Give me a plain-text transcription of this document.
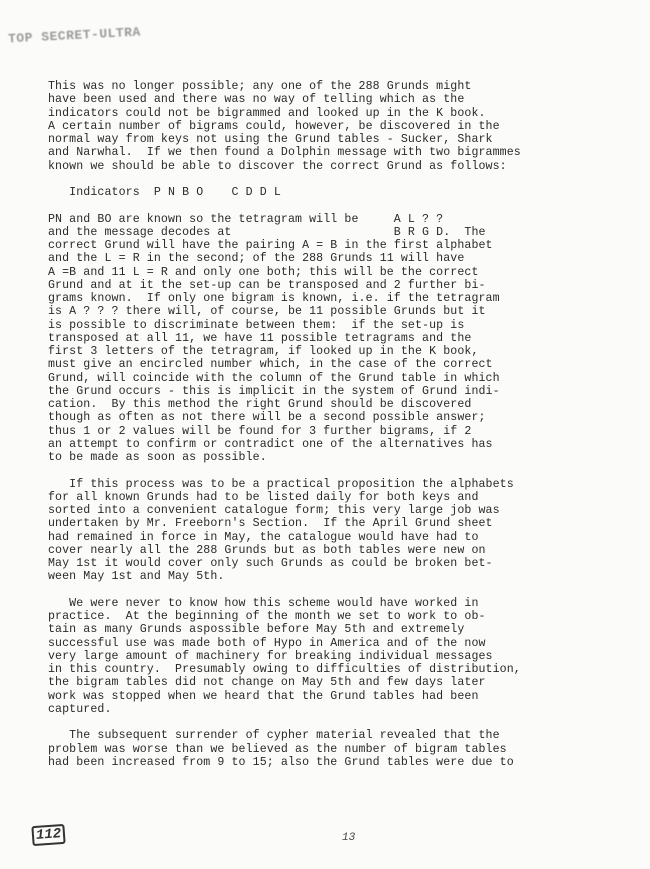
TOP SECRET-ULTRA
This was no longer possible; any one of the 288 Grunds might
have been used and there was no way of telling which as the
indicators could not be bigrammed and looked up in the K book.
A certain number of bigrams could, however, be discovered in the
normal way from keys not using the Grund tables - Sucker, Shark
and Narwhal.  If we then found a Dolphin message with two bigrammes
known we should be able to discover the correct Grund as follows:
Indicators  P N B O    C D D L
PN and BO are known so the tetragram will be     A L ? ?
and the message decodes at                       B R G D.  The
correct Grund will have the pairing A = B in the first alphabet
and the L = R in the second; of the 288 Grunds 11 will have
A =B and 11 L = R and only one both; this will be the correct
Grund and at it the set-up can be transposed and 2 further bi-
grams known.  If only one bigram is known, i.e. if the tetragram
is A ? ? ? there will, of course, be 11 possible Grunds but it
is possible to discriminate between them:  if the set-up is
transposed at all 11, we have 11 possible tetragrams and the
first 3 letters of the tetragram, if looked up in the K book,
must give an encircled number which, in the case of the correct
Grund, will coincide with the column of the Grund table in which
the Grund occurs - this is implicit in the system of Grund indi-
cation.  By this method the right Grund should be discovered
though as often as not there will be a second possible answer;
thus 1 or 2 values will be found for 3 further bigrams, if 2
an attempt to confirm or contradict one of the alternatives has
to be made as soon as possible.
If this process was to be a practical proposition the alphabets
for all known Grunds had to be listed daily for both keys and
sorted into a convenient catalogue form; this very large job was
undertaken by Mr. Freeborn's Section.  If the April Grund sheet
had remained in force in May, the catalogue would have had to
cover nearly all the 288 Grunds but as both tables were new on
May 1st it would cover only such Grunds as could be broken bet-
ween May 1st and May 5th.
We were never to know how this scheme would have worked in
practice.  At the beginning of the month we set to work to ob-
tain as many Grunds aspossible before May 5th and extremely
successful use was made both of Hypo in America and of the now
very large amount of machinery for breaking individual messages
in this country.  Presumably owing to difficulties of distribution,
the bigram tables did not change on May 5th and few days later
work was stopped when we heard that the Grund tables had been
captured.
The subsequent surrender of cypher material revealed that the
problem was worse than we believed as the number of bigram tables
had been increased from 9 to 15; also the Grund tables were due to
112	13
